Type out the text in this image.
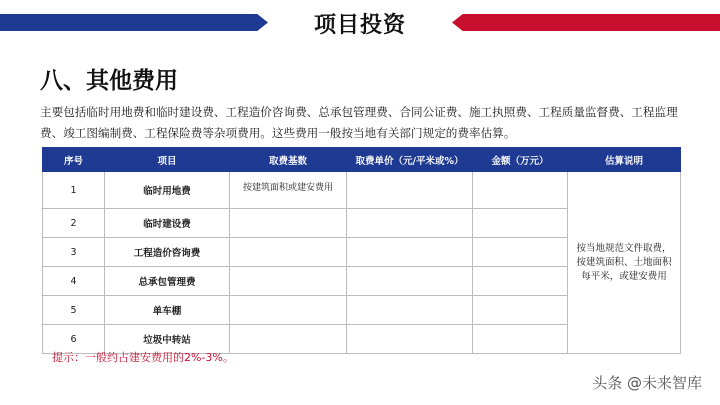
项目投资
八、其他费用
主要包括临时用地费和临时建设费、工程造价咨询费、总承包管理费、合同公证费、施工执照费、工程质量监督费、工程监理费、竣工图编制费、工程保险费等杂项费用。这些费用一般按当地有关部门规定的费率估算。
序号	项目	取费基数	取费单价（元/平米或%）	金额（万元）	估算说明
1	临时用地费	按建筑面积或建安费用			按当地规范文件取费，按建筑面积、土地面积每平米，或建安费用
2	临时建设费				
3	工程造价咨询费				
4	总承包管理费				
5	单车棚				
6	垃圾中转站				
提示：一般约占建安费用的2%-3%。
头条 @未来智库
